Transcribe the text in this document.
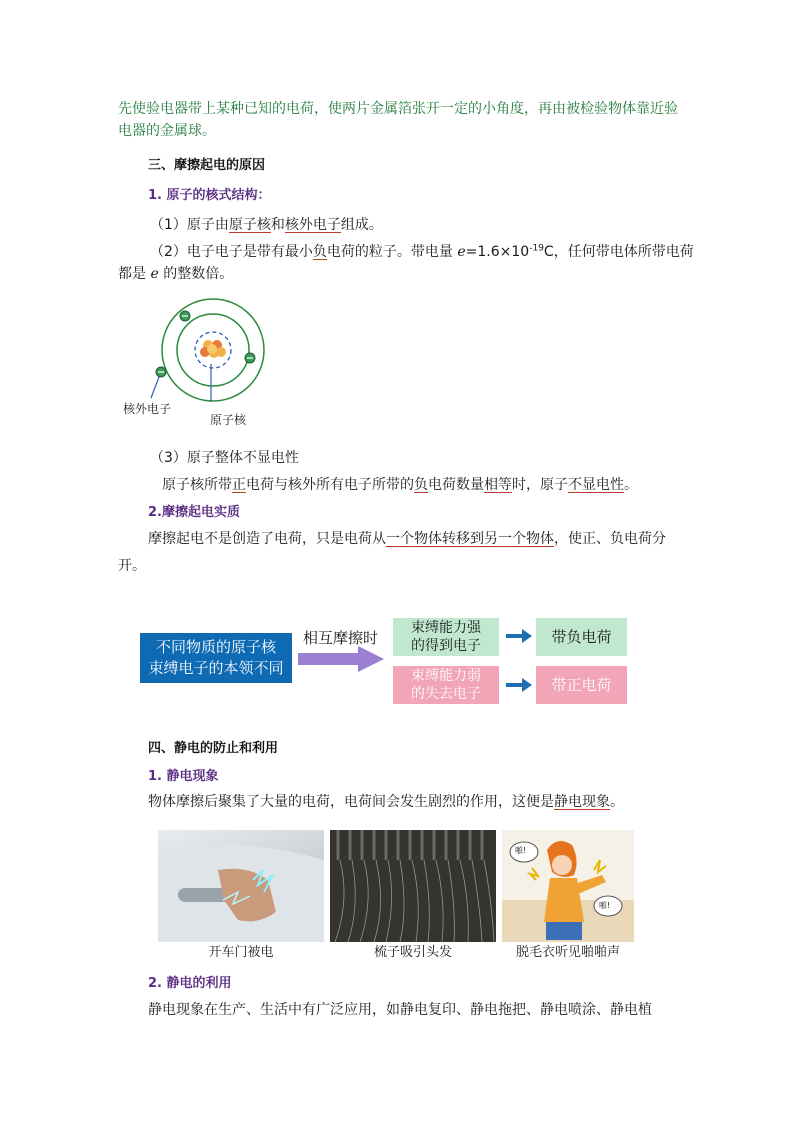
先使验电器带上某种已知的电荷，使两片金属箔张开一定的小角度，再由被检验物体靠近验
电器的金属球。
三、摩擦起电的原因
1. 原子的核式结构：
（1）原子由原子核和核外电子组成。
（2）电子电子是带有最小负电荷的粒子。带电量 $e=1.6\times 10^{-19}C$，任何带电体所带电荷
都是 e 的整数倍。
核外电子
原子核
（3）原子整体不显电性
原子核所带正电荷与核外所有电子所带的负电荷数量相等时，原子不显电性。
2.摩擦起电实质
摩擦起电不是创造了电荷，只是电荷从一个物体转移到另一个物体，使正、负电荷分
开。
不同物质的原子核
束缚电子的本领不同
相互摩擦时
束缚能力强
的得到电子
束缚能力弱
的失去电子
带负电荷
带正电荷
四、静电的防止和利用
1. 静电现象
物体摩擦后聚集了大量的电荷，电荷间会发生剧烈的作用，这便是静电现象。
开车门被电	梳子吸引头发
啪!
啪!
脱毛衣听见啪啪声
2. 静电的利用
静电现象在生产、生活中有广泛应用，如静电复印、静电拖把、静电喷涂、静电植
